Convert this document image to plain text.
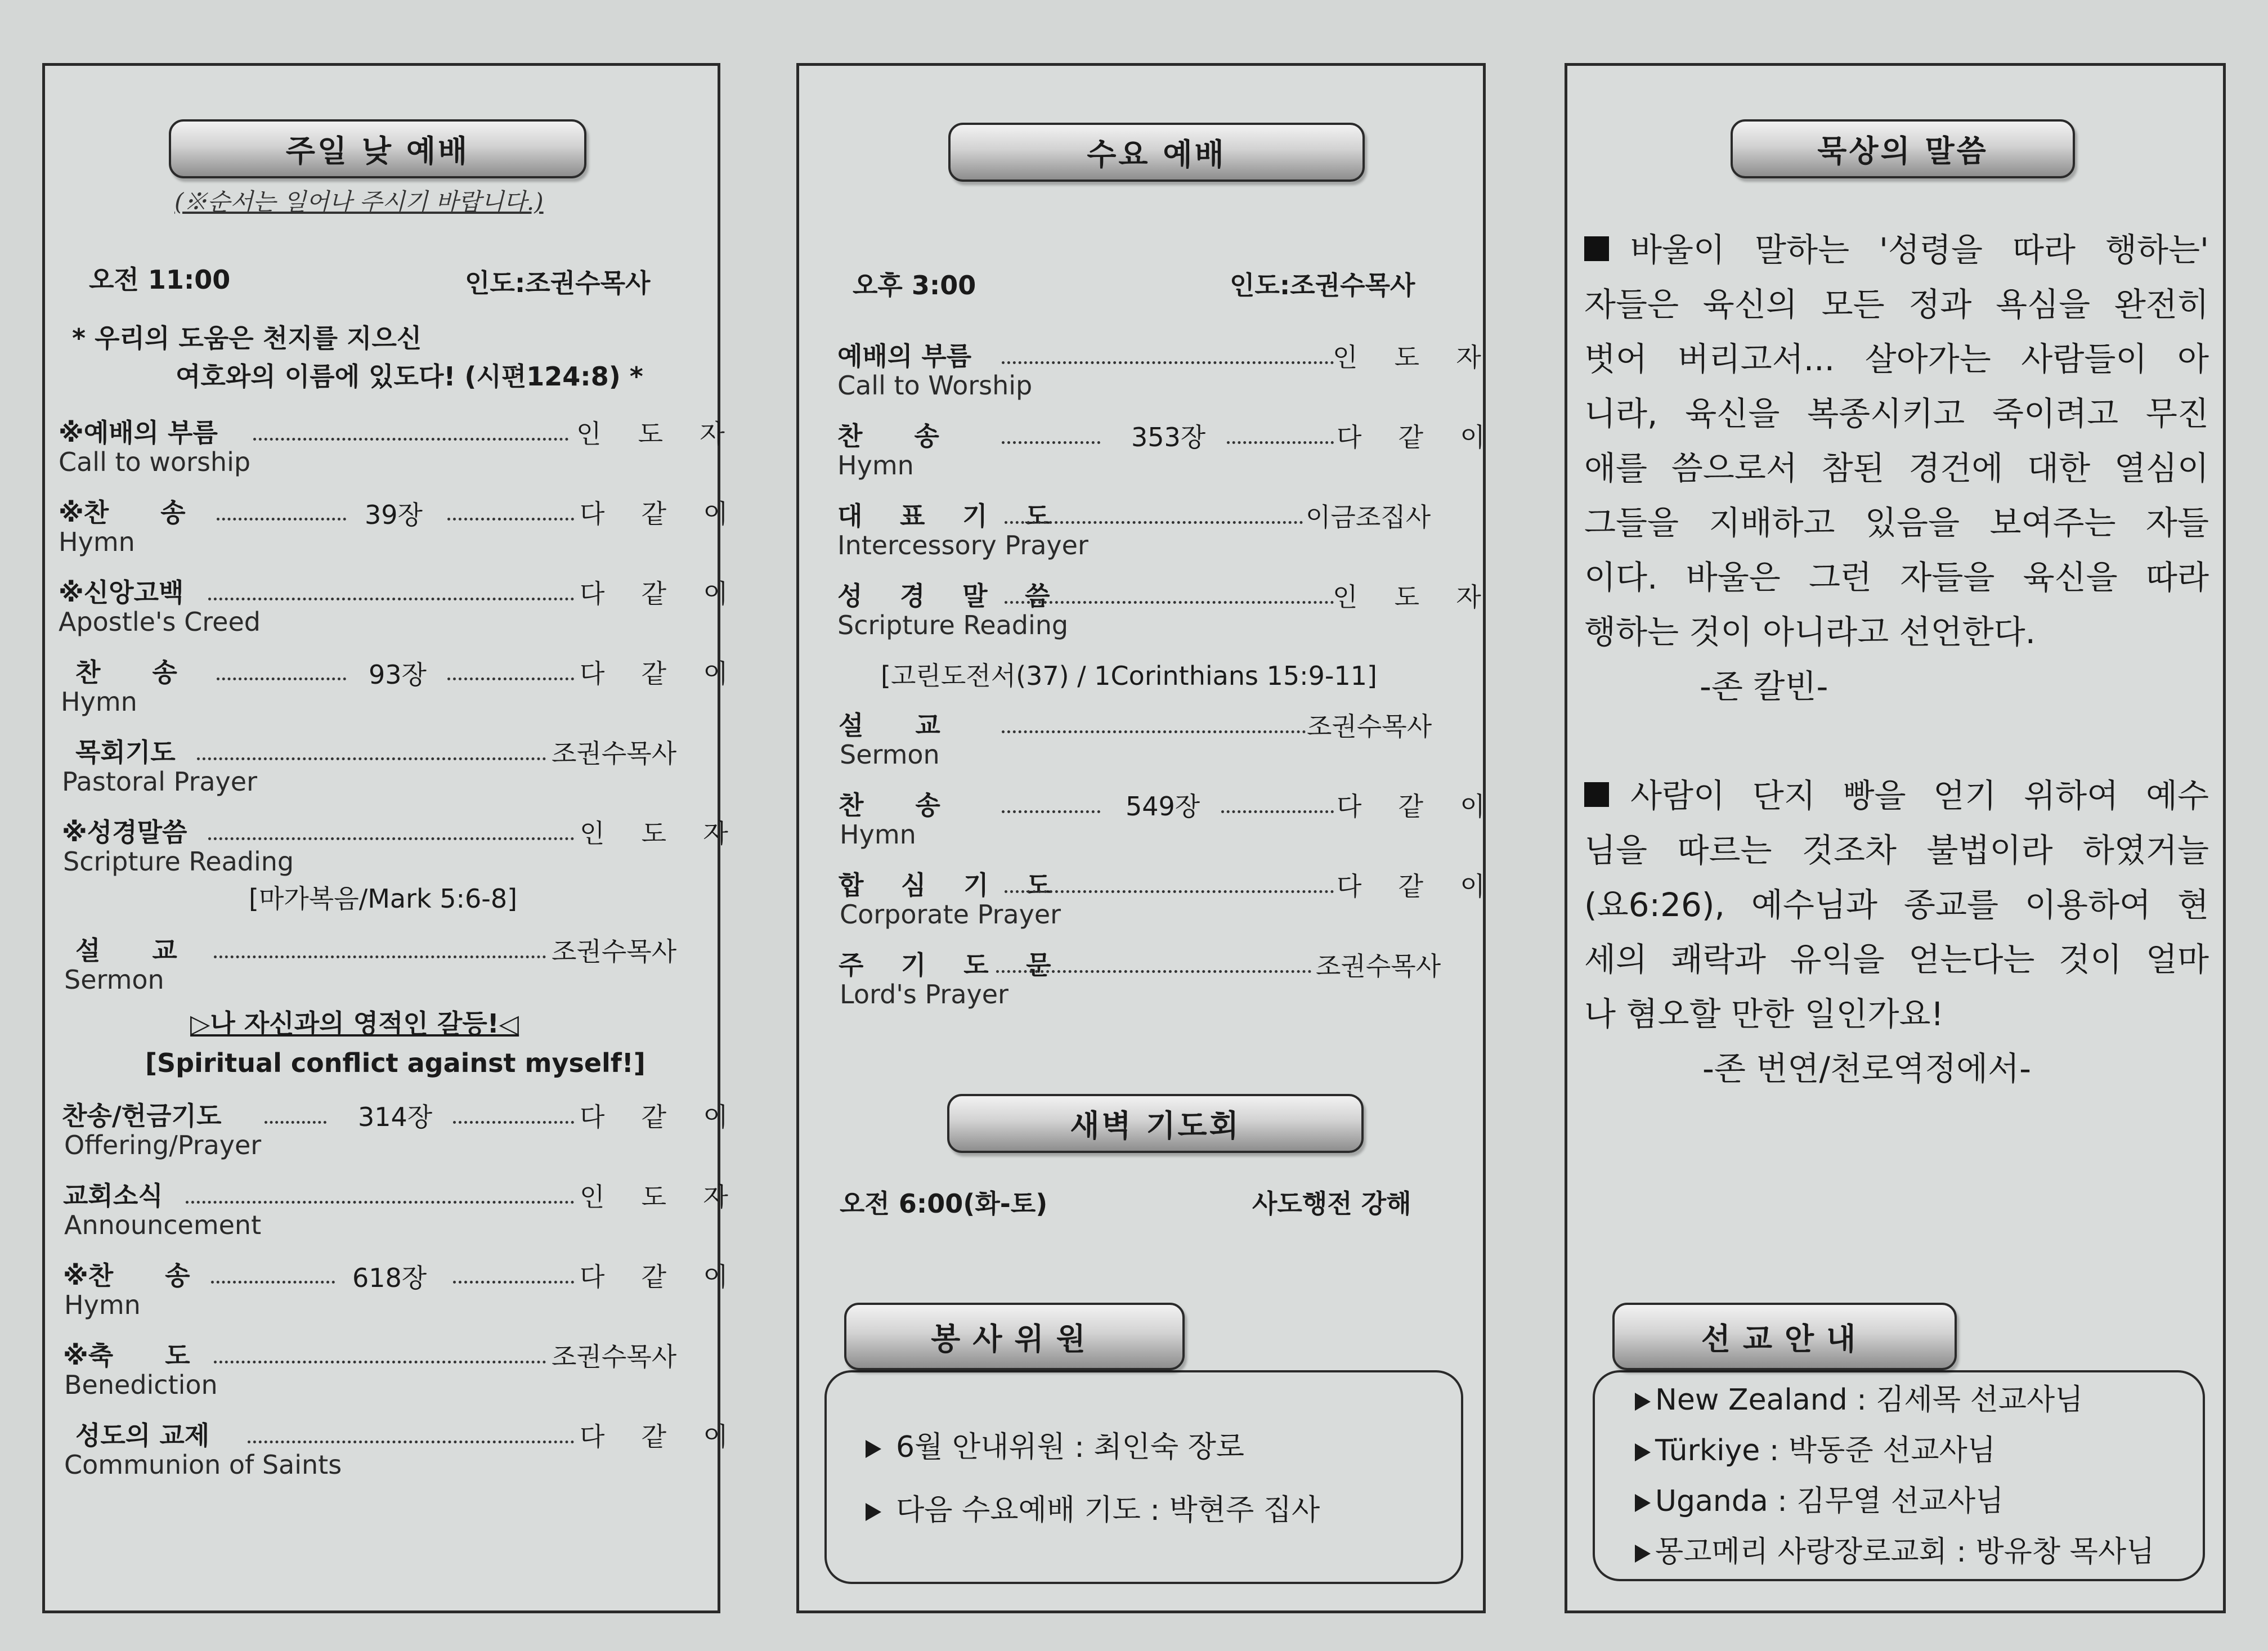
주일 낮 예배
(※순서는 일어나 주시기 바랍니다.)
오전 11:00	인도:조권수목사
* 우리의 도움은 천지를 지으신
여호와의 이름에 있도다! (시편124:8) *
※예배의 부름	인 도 자
Call to worship
※찬　　송	39장	다 같 이
Hymn
※신앙고백	다 같 이
Apostle's Creed
찬　　송	93장	다 같 이
Hymn
목회기도	조권수목사
Pastoral Prayer
※성경말씀	인 도 자
Scripture Reading
[마가복음/Mark 5:6-8]
설　　교	조권수목사
Sermon
▷나 자신과의 영적인 갈등!◁
[Spiritual conflict against myself!]
찬송/헌금기도	314장	다 같 이
Offering/Prayer
교회소식	인 도 자
Announcement
※찬　　송	618장	다 같 이
Hymn
※축　　도	조권수목사
Benediction
성도의 교제	다 같 이
Communion of Saints
수요 예배
오후 3:00	인도:조권수목사
예배의 부름	인 도 자
Call to Worship
찬　　송	353장	다 같 이
Hymn
대 표 기 도	이금조집사
Intercessory Prayer
성 경 말 씀	인 도 자
Scripture Reading
[고린도전서(37) / 1Corinthians 15:9-11]
설　　교	조권수목사
Sermon
찬　　송	549장	다 같 이
Hymn
합 심 기 도	다 같 이
Corporate Prayer
주 기 도 문	조권수목사
Lord's Prayer
새벽 기도회
오전 6:00(화-토)	사도행전 강해
봉사위원
6월 안내위원 : 최인숙 장로
다음 수요예배 기도 : 박현주 집사
묵상의 말씀
바울이 말하는 '성령을 따라 행하는'
자들은 육신의 모든 정과 욕심을 완전히
벗어 버리고서... 살아가는 사람들이 아
니라, 육신을 복종시키고 죽이려고 무진
애를 씀으로서 참된 경건에 대한 열심이
그들을 지배하고 있음을 보여주는 자들
이다. 바울은 그런 자들을 육신을 따라
행하는 것이 아니라고 선언한다.
-존 칼빈-
사람이 단지 빵을 얻기 위하여 예수
님을 따르는 것조차 불법이라 하였거늘
(요6:26), 예수님과 종교를 이용하여 현
세의 쾌락과 유익을 얻는다는 것이 얼마
나 혐오할 만한 일인가요!
-존 번연/천로역정에서-
선교안내
New Zealand : 김세목 선교사님
Türkiye : 박동준 선교사님
Uganda : 김무열 선교사님
몽고메리 사랑장로교회 : 방유창 목사님
